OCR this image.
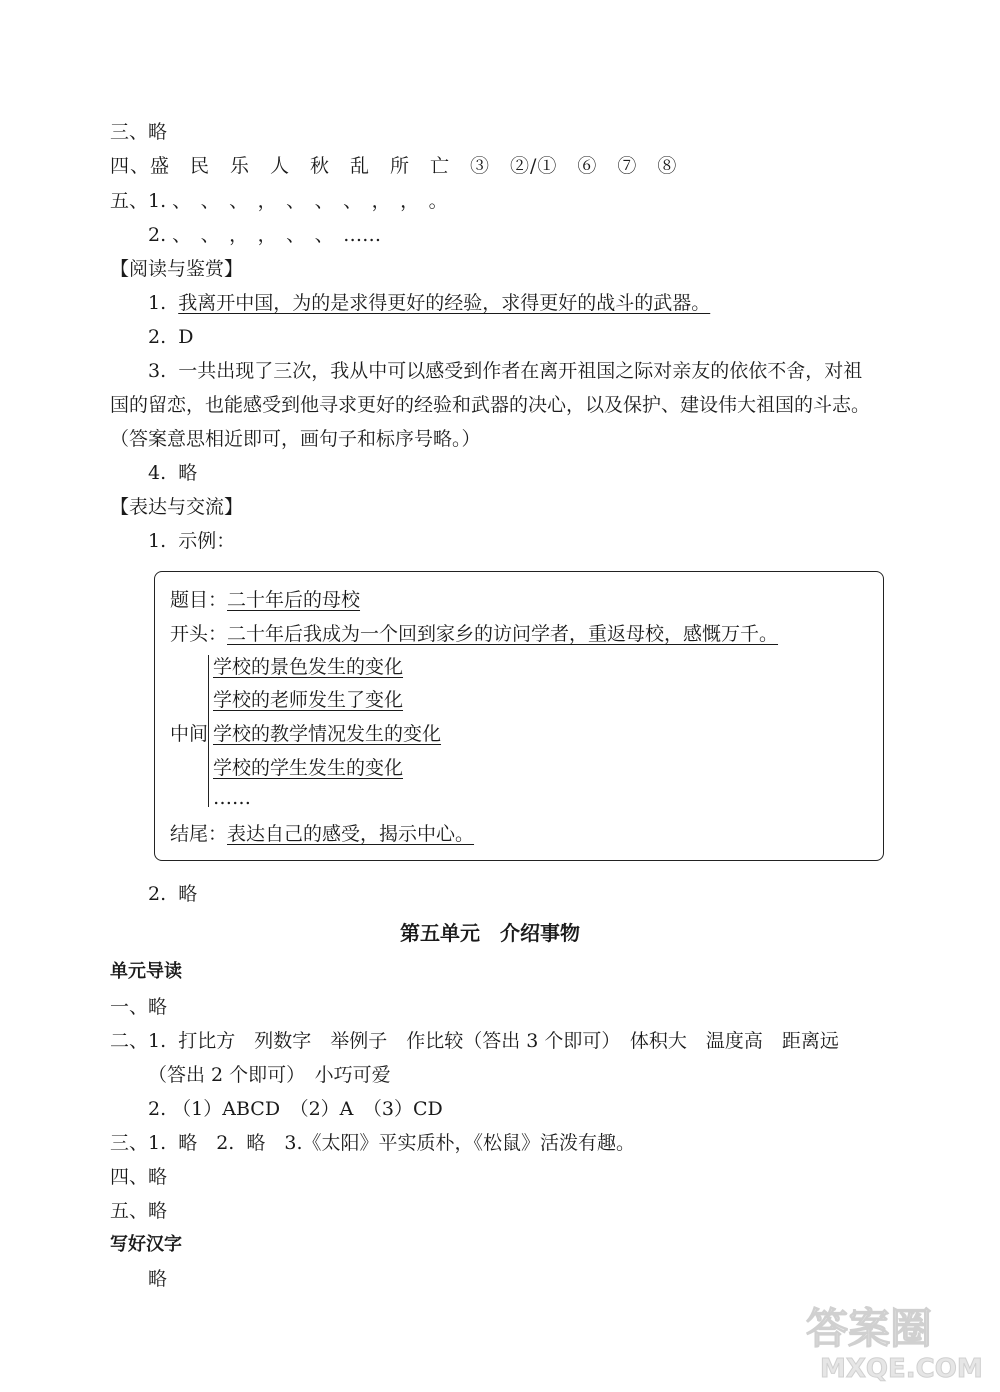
三、略
四、盛　民　乐　人　秋　乱　所　亡　③　②/①　⑥　⑦　⑧
五、1. 、　、　、　，　、　、　、　，　，　。
2. 、　、　，　，　、　、　……
【阅读与鉴赏】
1.  我离开中国，为的是求得更好的经验，求得更好的战斗的武器。
2.  D
3.  一共出现了三次，我从中可以感受到作者在离开祖国之际对亲友的依依不舍，对祖
国的留恋，也能感受到他寻求更好的经验和武器的决心，以及保护、建设伟大祖国的斗志。
（答案意思相近即可，画句子和标序号略。）
4.  略
【表达与交流】
1.  示例：
题目：二十年后的母校
开头：二十年后我成为一个回到家乡的访问学者，重返母校，感慨万千。
中间
学校的景色发生的变化
学校的老师发生了变化
学校的教学情况发生的变化
学校的学生发生的变化
……
结尾：表达自己的感受，揭示中心。
2.  略
第五单元　介绍事物
单元导读
一、略
二、1.  打比方　列数字　举例子　作比较（答出 3 个即可）　体积大　温度高　距离远
（答出 2 个即可）　小巧可爱
2. （1）ABCD　（2）A　（3）CD
三、1.  略　2.  略　3.《太阳》平实质朴，《松鼠》活泼有趣。
四、略
五、略
写好汉字
略
答案圈
MXQE.COM
